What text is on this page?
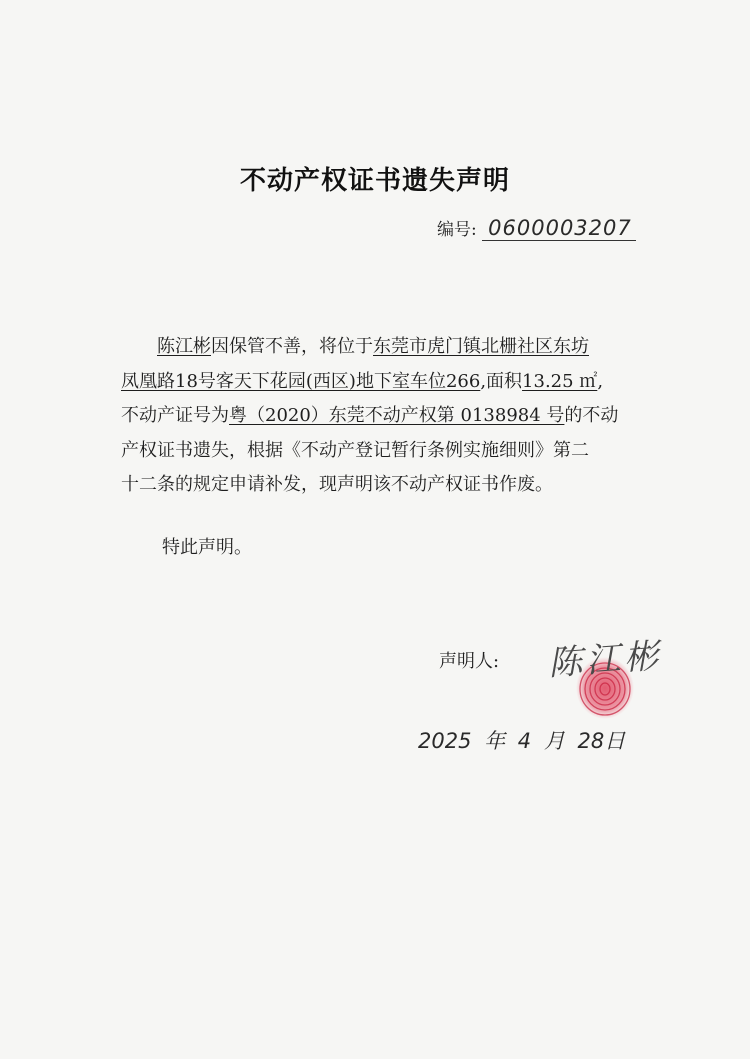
不动产权证书遗失声明
编号: 0600003207
　　陈江彬因保管不善，将位于东莞市虎门镇北栅社区东坊
凤凰路18号客天下花园(西区)地下室车位266,面积13.25 ㎡,
不动产证号为粤（2020）东莞不动产权第 0138984 号的不动
产权证书遗失，根据《不动产登记暂行条例实施细则》第二
十二条的规定申请补发，现声明该不动产权证书作废。
特此声明。
声明人: 陈江彬
2025 年 4 月 28日
